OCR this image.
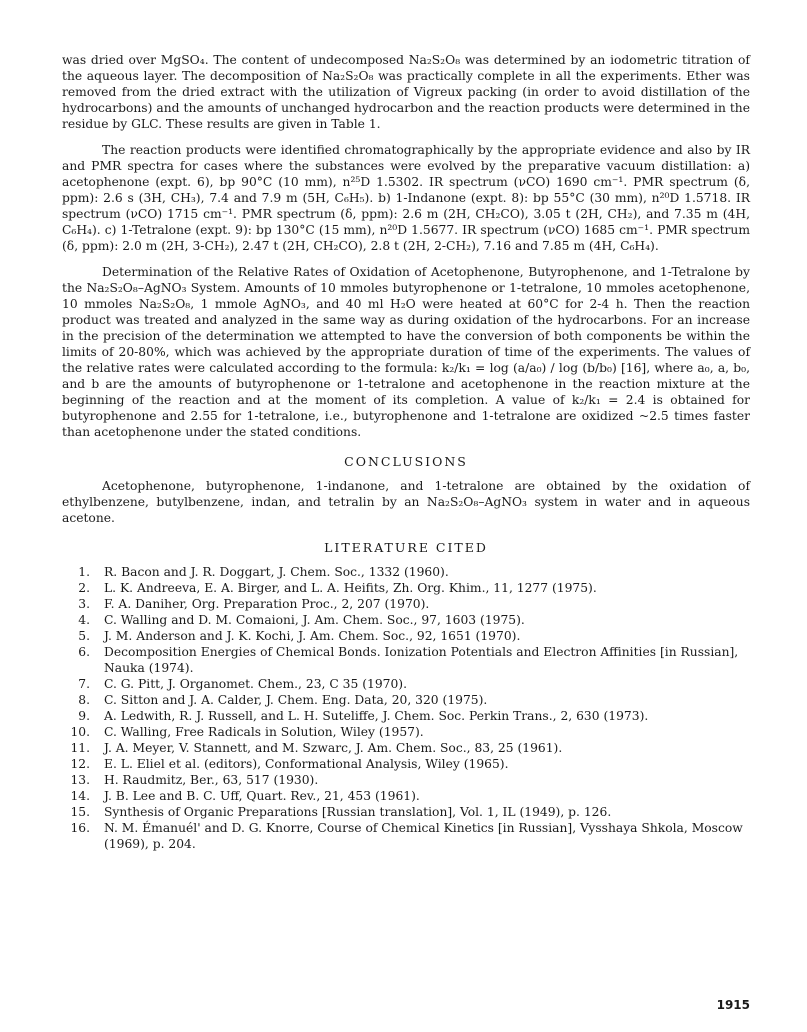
was dried over MgSO₄. The content of undecomposed Na₂S₂O₈ was determined by an iodometric titration of the aqueous layer. The decomposition of Na₂S₂O₈ was practically complete in all the experiments. Ether was removed from the dried extract with the utilization of Vigreux packing (in order to avoid distillation of the hydrocarbons) and the amounts of unchanged hydrocarbon and the reaction products were determined in the residue by GLC. These results are given in Table 1.

The reaction products were identified chromatographically by the appropriate evidence and also by IR and PMR spectra for cases where the substances were evolved by the preparative vacuum distillation: a) acetophenone (expt. 6), bp 90°C (10 mm), n²⁵D 1.5302. IR spectrum (νCO) 1690 cm⁻¹. PMR spectrum (δ, ppm): 2.6 s (3H, CH₃), 7.4 and 7.9 m (5H, C₆H₅). b) 1-Indanone (expt. 8): bp 55°C (30 mm), n²⁰D 1.5718. IR spectrum (νCO) 1715 cm⁻¹. PMR spectrum (δ, ppm): 2.6 m (2H, CH₂CO), 3.05 t (2H, CH₂), and 7.35 m (4H, C₆H₄). c) 1-Tetralone (expt. 9): bp 130°C (15 mm), n²⁰D 1.5677. IR spectrum (νCO) 1685 cm⁻¹. PMR spectrum (δ, ppm): 2.0 m (2H, 3-CH₂), 2.47 t (2H, CH₂CO), 2.8 t (2H, 2-CH₂), 7.16 and 7.85 m (4H, C₆H₄).

Determination of the Relative Rates of Oxidation of Acetophenone, Butyrophenone, and 1-Tetralone by the Na₂S₂O₈–AgNO₃ System. Amounts of 10 mmoles butyrophenone or 1-tetralone, 10 mmoles acetophenone, 10 mmoles Na₂S₂O₈, 1 mmole AgNO₃, and 40 ml H₂O were heated at 60°C for 2-4 h. Then the reaction product was treated and analyzed in the same way as during oxidation of the hydrocarbons. For an increase in the precision of the determination we attempted to have the conversion of both components be within the limits of 20-80%, which was achieved by the appropriate duration of time of the experiments. The values of the relative rates were calculated according to the formula: k₂/k₁ = log (a/a₀) / log (b/b₀) [16], where a₀, a, b₀, and b are the amounts of butyrophenone or 1-tetralone and acetophenone in the reaction mixture at the beginning of the reaction and at the moment of its completion. A value of k₂/k₁ = 2.4 is obtained for butyrophenone and 2.55 for 1-tetralone, i.e., butyrophenone and 1-tetralone are oxidized ~2.5 times faster than acetophenone under the stated conditions.

CONCLUSIONS

Acetophenone, butyrophenone, 1-indanone, and 1-tetralone are obtained by the oxidation of ethylbenzene, butylbenzene, indan, and tetralin by an Na₂S₂O₈–AgNO₃ system in water and in aqueous acetone.

LITERATURE CITED
1. R. Bacon and J. R. Doggart, J. Chem. Soc., 1332 (1960).
2. L. K. Andreeva, E. A. Birger, and L. A. Heifits, Zh. Org. Khim., 11, 1277 (1975).
3. F. A. Daniher, Org. Preparation Proc., 2, 207 (1970).
4. C. Walling and D. M. Comaioni, J. Am. Chem. Soc., 97, 1603 (1975).
5. J. M. Anderson and J. K. Kochi, J. Am. Chem. Soc., 92, 1651 (1970).
6. Decomposition Energies of Chemical Bonds. Ionization Potentials and Electron Affinities [in Russian], Nauka (1974).
7. C. G. Pitt, J. Organomet. Chem., 23, C 35 (1970).
8. C. Sitton and J. A. Calder, J. Chem. Eng. Data, 20, 320 (1975).
9. A. Ledwith, R. J. Russell, and L. H. Suteliffe, J. Chem. Soc. Perkin Trans., 2, 630 (1973).
10. C. Walling, Free Radicals in Solution, Wiley (1957).
11. J. A. Meyer, V. Stannett, and M. Szwarc, J. Am. Chem. Soc., 83, 25 (1961).
12. E. L. Eliel et al. (editors), Conformational Analysis, Wiley (1965).
13. H. Raudmitz, Ber., 63, 517 (1930).
14. J. B. Lee and B. C. Uff, Quart. Rev., 21, 453 (1961).
15. Synthesis of Organic Preparations [Russian translation], Vol. 1, IL (1949), p. 126.
16. N. M. Émanuél' and D. G. Knorre, Course of Chemical Kinetics [in Russian], Vysshaya Shkola, Moscow (1969), p. 204.
1915
